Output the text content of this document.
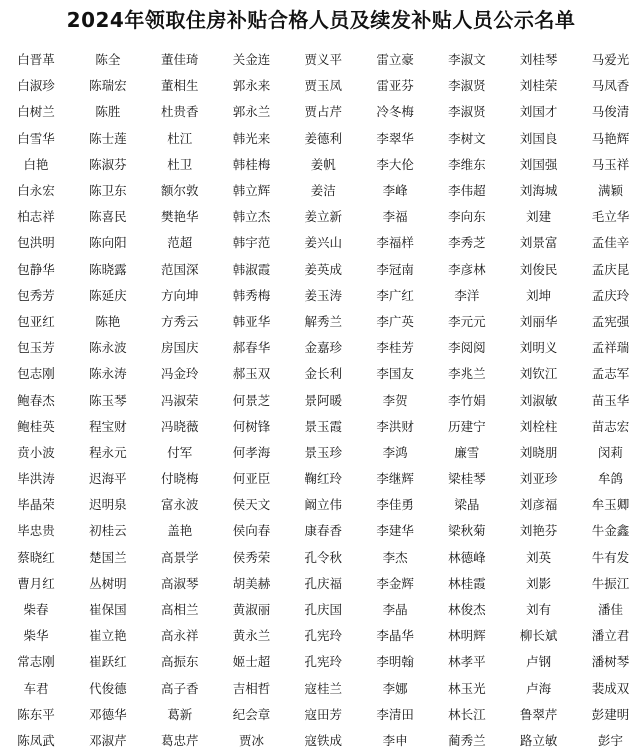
2024年领取住房补贴合格人员及续发补贴人员公示名单
白晋革	陈全	董佳琦	关金连	贾义平	雷立豪	李淑文	刘桂琴	马爱光
白淑珍	陈瑞宏	董相生	郭永来	贾玉凤	雷亚芬	李淑贤	刘桂荣	马凤香
白树兰	陈胜	杜贵香	郭永兰	贾占芹	冷冬梅	李淑贤	刘国才	马俊清
白雪华	陈士莲	杜江	韩光来	姜德利	李翠华	李树文	刘国良	马艳辉
白艳	陈淑芬	杜卫	韩桂梅	姜帆	李大伦	李维东	刘国强	马玉祥
白永宏	陈卫东	额尔敦	韩立辉	姜洁	李峰	李伟超	刘海城	满颖
柏志祥	陈喜民	樊艳华	韩立杰	姜立新	李福	李向东	刘建	毛立华
包洪明	陈向阳	范超	韩宇范	姜兴山	李福样	李秀芝	刘景富	孟佳辛
包静华	陈晓露	范国深	韩淑霞	姜英成	李冠南	李彦林	刘俊民	孟庆昆
包秀芳	陈延庆	方向坤	韩秀梅	姜玉涛	李广红	李洋	刘坤	孟庆玲
包亚红	陈艳	方秀云	韩亚华	解秀兰	李广英	李元元	刘丽华	孟宪强
包玉芳	陈永波	房国庆	郝春华	金嘉珍	李桂芳	李阅阅	刘明义	孟祥瑞
包志刚	陈永涛	冯金玲	郝玉双	金长利	李国友	李兆兰	刘钦江	孟志军
鲍春杰	陈玉琴	冯淑荣	何景芝	景阿暖	李贺	李竹娟	刘淑敏	苗玉华
鲍桂英	程宝财	冯晓薇	何树锋	景玉霞	李洪财	历建宁	刘栓柱	苗志宏
贲小波	程永元	付军	何孝海	景玉珍	李鸿	廉雪	刘晓朋	闵莉
毕洪涛	迟海平	付晓梅	何亚臣	鞠红玲	李继辉	梁桂琴	刘亚珍	牟鸽
毕晶荣	迟明泉	富永波	侯天文	阚立伟	李佳勇	梁晶	刘彦福	牟玉卿
毕忠贵	初桂云	盖艳	侯向春	康春香	李建华	梁秋菊	刘艳芬	牛金鑫
蔡晓红	楚国兰	高景学	侯秀荣	孔令秋	李杰	林德峰	刘英	牛有发
曹月红	丛树明	高淑琴	胡美赫	孔庆福	李金辉	林桂霞	刘影	牛振江
柴春	崔保国	高相兰	黄淑丽	孔庆国	李晶	林俊杰	刘有	潘佳
柴华	崔立艳	高永祥	黄永兰	孔宪玲	李晶华	林明辉	柳长斌	潘立君
常志刚	崔跃红	高振东	姬士超	孔宪玲	李明翰	林孝平	卢钢	潘树琴
车君	代俊德	高子香	吉相哲	寇桂兰	李娜	林玉光	卢海	裴成双
陈东平	邓德华	葛新	纪会章	寇田芳	李清田	林长江	鲁翠芹	彭建明
陈凤武	邓淑芹	葛忠芹	贾冰	寇铁成	李申	蔺秀兰	路立敏	彭宇
